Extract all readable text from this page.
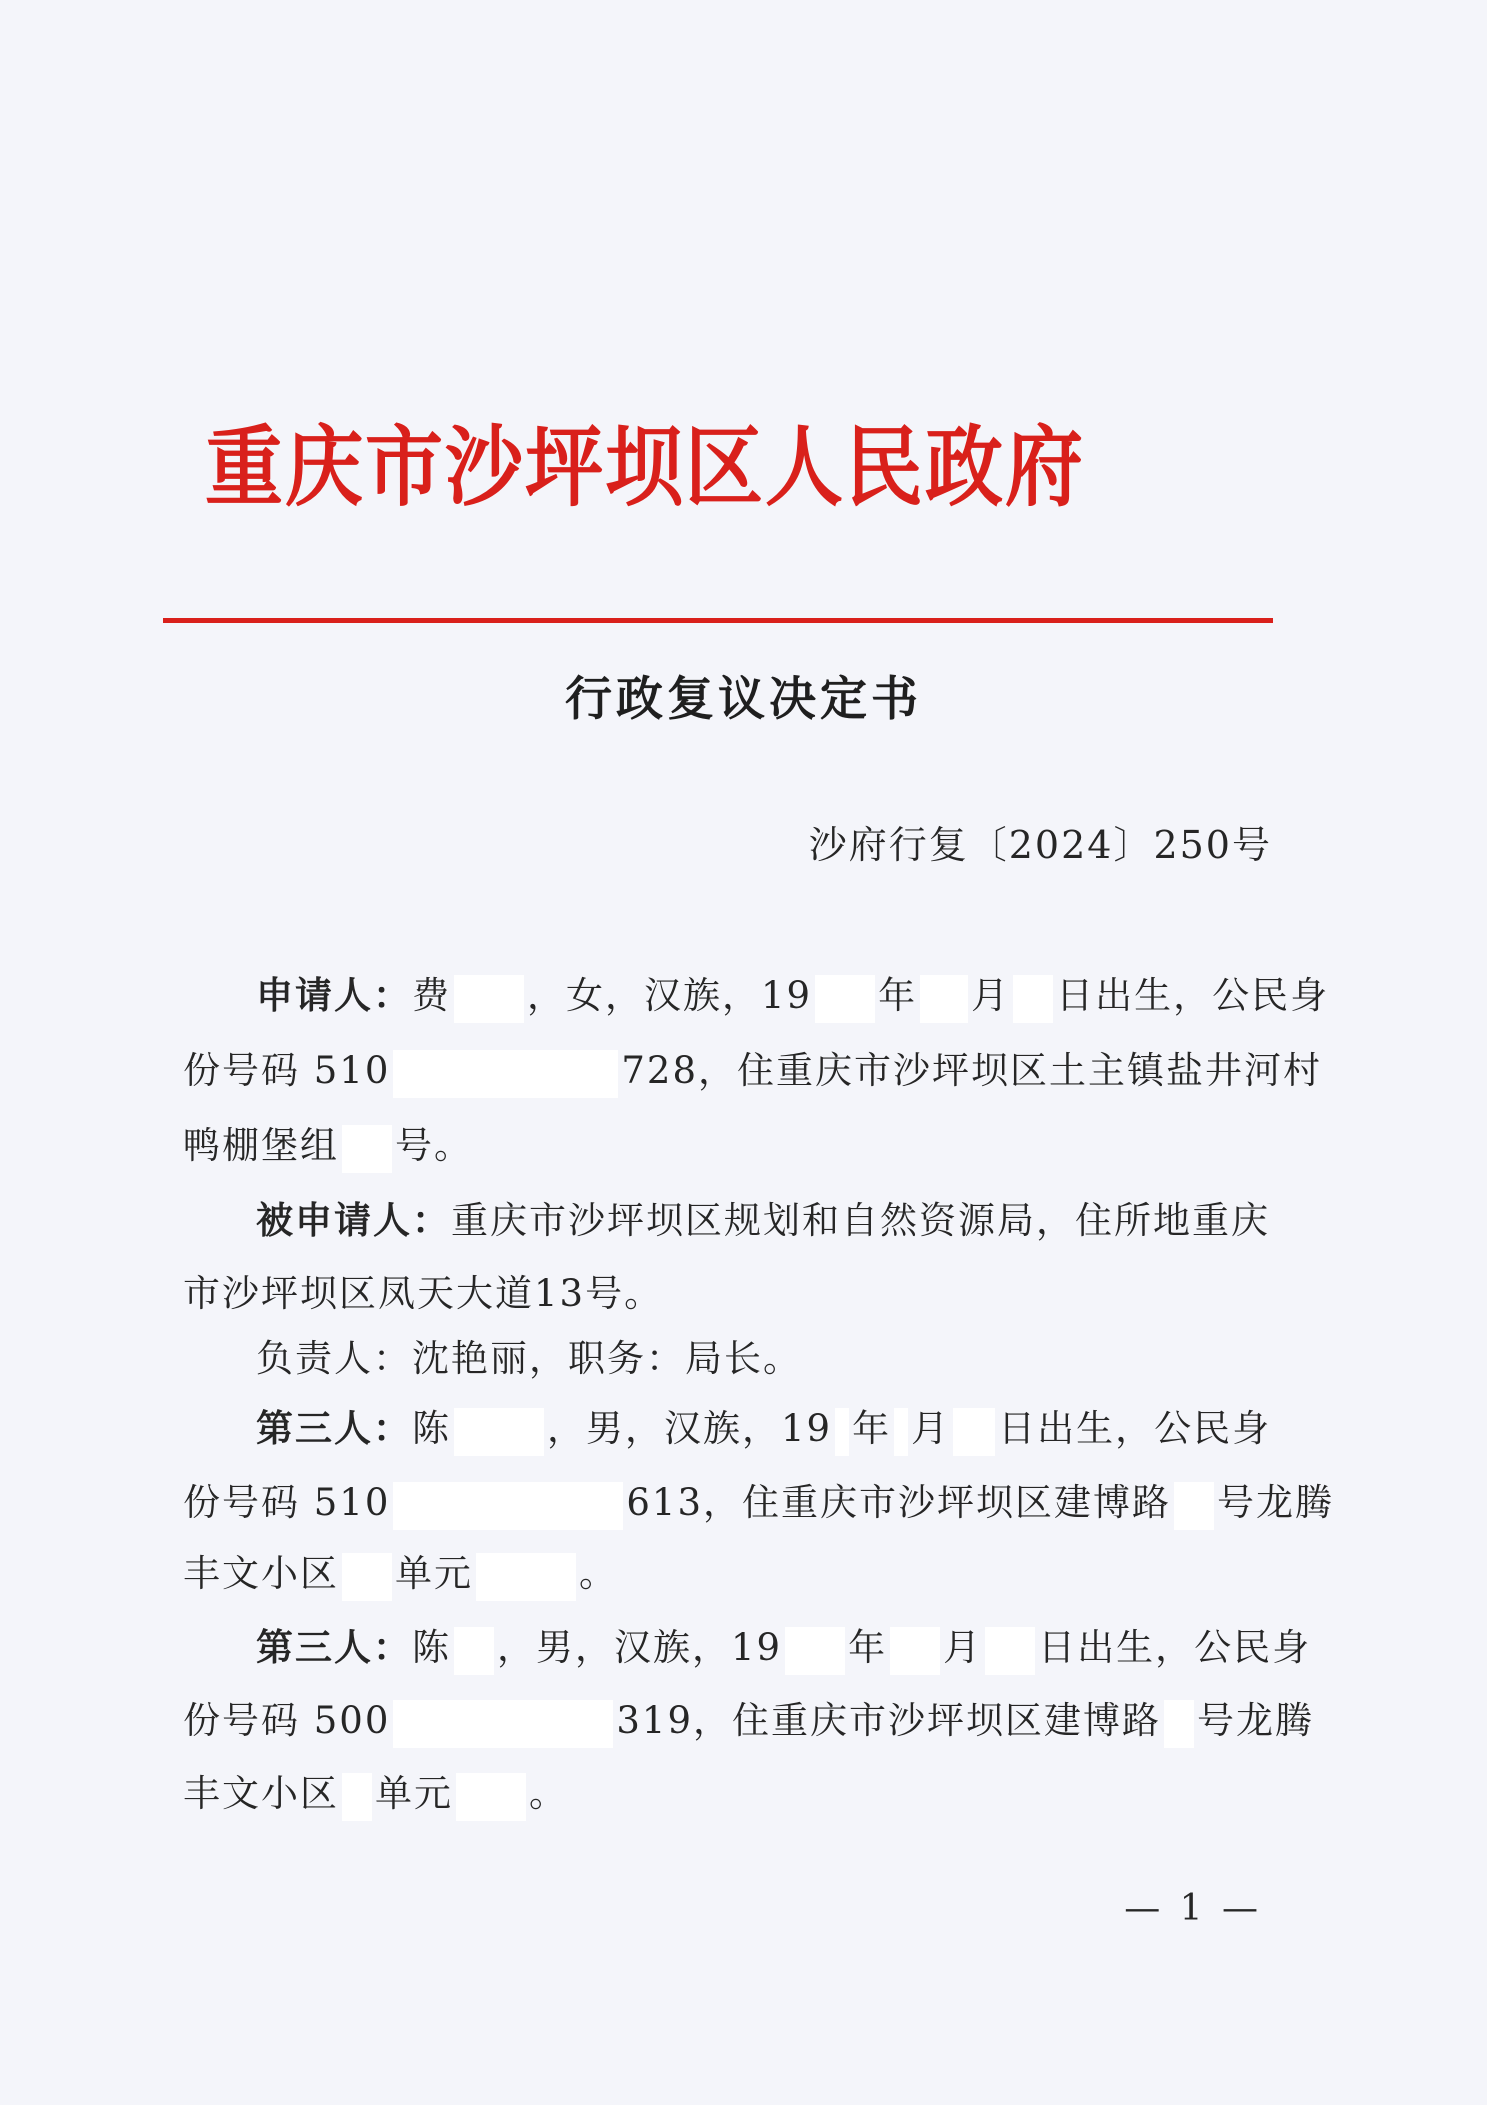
重庆市沙坪坝区人民政府
行政复议决定书
沙府行复〔2024〕250号
申请人：费 ，女，汉族，19 年 月 日出生，公民身
份号码 510	728，住重庆市沙坪坝区土主镇盐井河村
鸭棚堡组 号。
被申请人：重庆市沙坪坝区规划和自然资源局，住所地重庆
市沙坪坝区凤天大道13号。
负责人：沈艳丽，职务：局长。
第三人：陈	，男，汉族，19 年 月 日出生，公民身
份号码 510	613，住重庆市沙坪坝区建博路 号龙腾
丰文小区 单元	。
第三人：陈 ，男，汉族，19 年 月 日出生，公民身
份号码 500	319，住重庆市沙坪坝区建博路 号龙腾
丰文小区 单元 。
— 1 —
